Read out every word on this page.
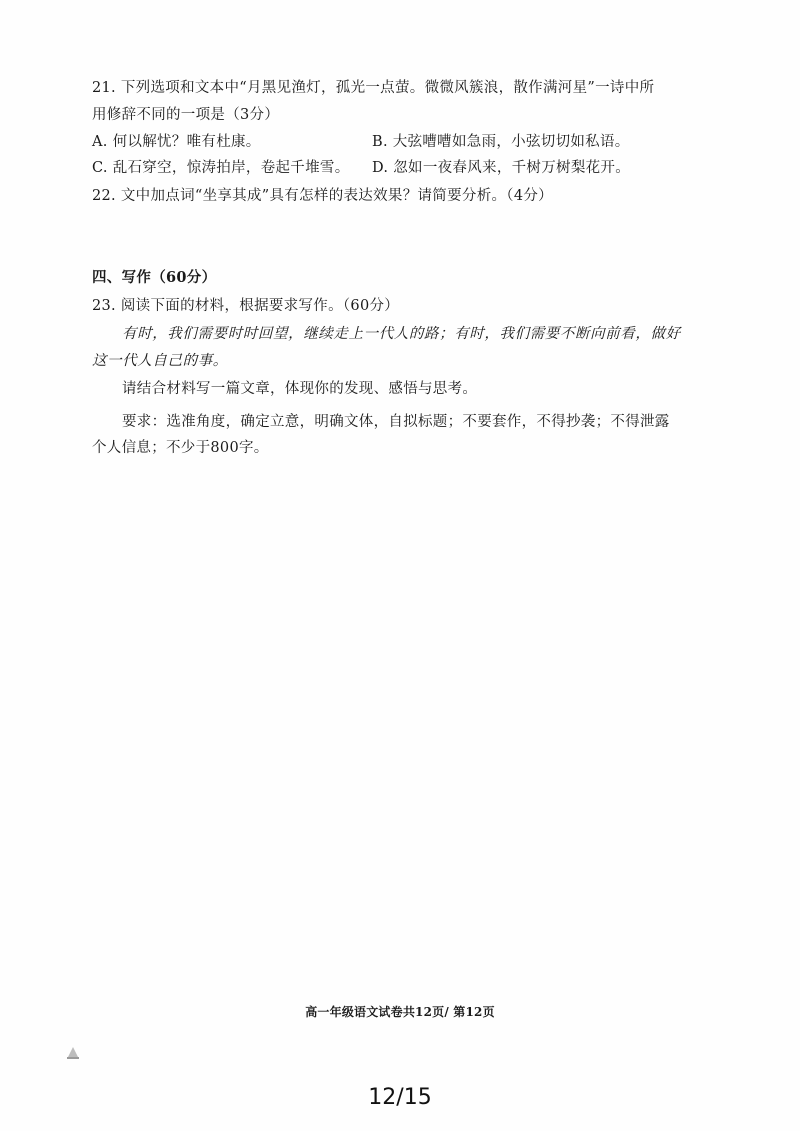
21. 下列选项和文本中“月黑见渔灯，孤光一点萤。微微风簇浪，散作满河星”一诗中所
用修辞不同的一项是（3分）
A. 何以解忧？唯有杜康。	B. 大弦嘈嘈如急雨，小弦切切如私语。
C. 乱石穿空，惊涛拍岸，卷起千堆雪。 D. 忽如一夜春风来，千树万树梨花开。
22. 文中加点词“坐享其成”具有怎样的表达效果？请简要分析。（4分）
四、写作（60分）
23. 阅读下面的材料，根据要求写作。（60分）
有时，我们需要时时回望，继续走上一代人的路；有时，我们需要不断向前看，做好
这一代人自己的事。
请结合材料写一篇文章，体现你的发现、感悟与思考。
要求：选准角度，确定立意，明确文体，自拟标题；不要套作，不得抄袭；不得泄露
个人信息；不少于800字。
高一年级语文试卷共12页/ 第12页
12/15
